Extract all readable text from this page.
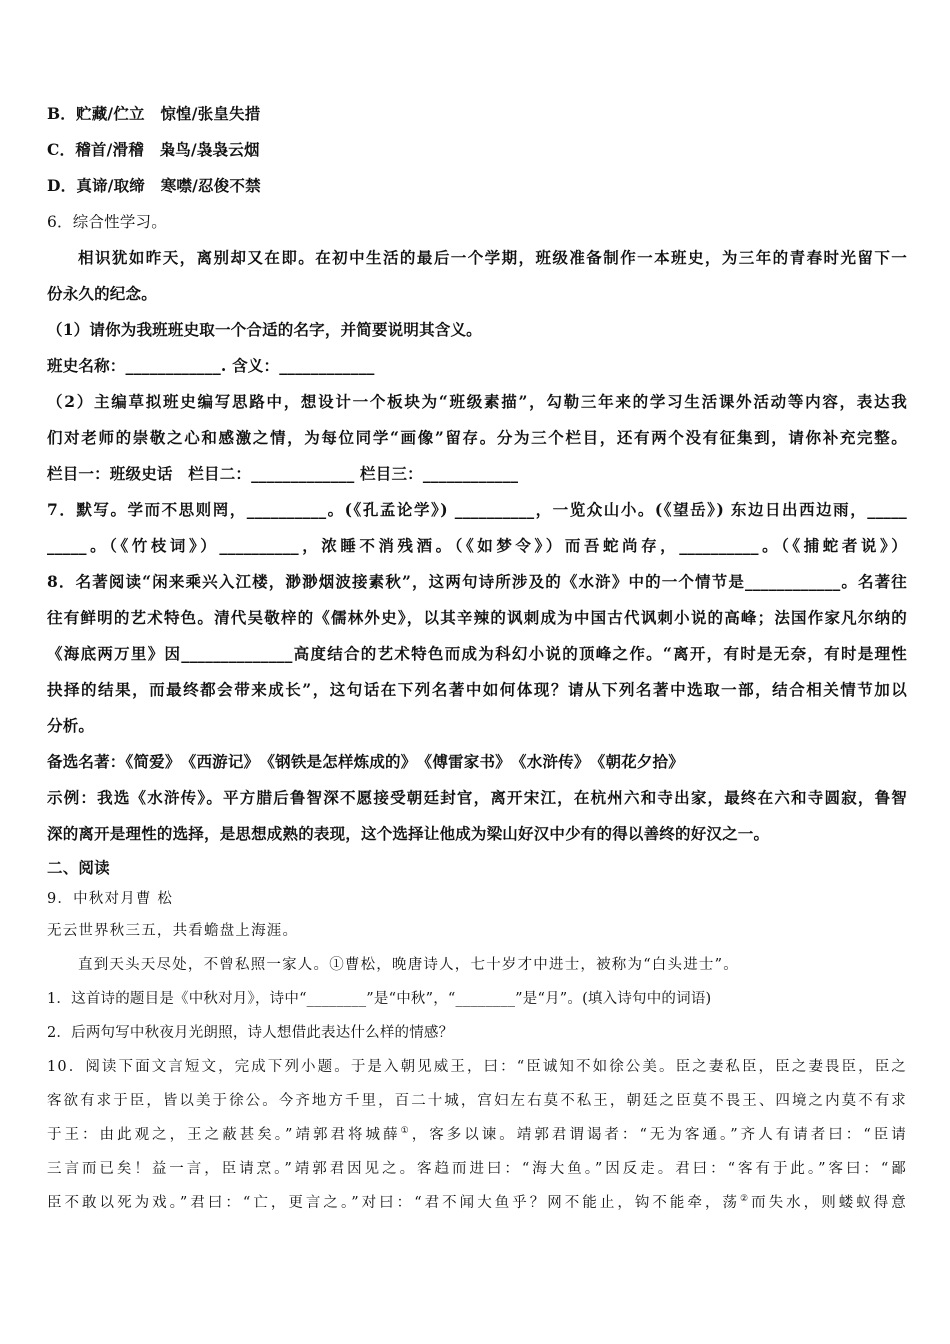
B．贮藏/伫立　惊惶/张皇失措
C．稽首/滑稽　枭鸟/袅袅云烟
D．真谛/取缔　寒噤/忍俊不禁
6．综合性学习。
相识犹如昨天，离别却又在即。在初中生活的最后一个学期，班级准备制作一本班史，为三年的青春时光留下一
份永久的纪念。
（1）请你为我班班史取一个合适的名字，并简要说明其含义。
班史名称：____________. 含义：____________
（2）主编草拟班史编写思路中，想设计一个板块为“班级素描”，勾勒三年来的学习生活课外活动等内容，表达我
们对老师的崇敬之心和感激之情，为每位同学“画像”留存。分为三个栏目，还有两个没有征集到，请你补充完整。
栏目一：班级史话　栏目二：_____________ 栏目三：____________
7．默写。学而不思则罔，__________。(《孔孟论学》) __________，一览众山小。(《望岳》) 东边日出西边雨，_____
_____。（《竹枝词》）__________，浓睡不消残酒。（《如梦令》）而吾蛇尚存，__________。（《捕蛇者说》）
8．名著阅读“闲来乘兴入江楼，渺渺烟波接素秋”，这两句诗所涉及的《水浒》中的一个情节是____________。名著往
往有鲜明的艺术特色。清代吴敬梓的《儒林外史》，以其辛辣的讽刺成为中国古代讽刺小说的高峰；法国作家凡尔纳的
《海底两万里》因______________高度结合的艺术特色而成为科幻小说的顶峰之作。“离开，有时是无奈，有时是理性
抉择的结果，而最终都会带来成长”，这句话在下列名著中如何体现？请从下列名著中选取一部，结合相关情节加以
分析。
备选名著：《简爱》　《西游记》　《钢铁是怎样炼成的》　《傅雷家书》　《水浒传》　《朝花夕拾》
示例：我选《水浒传》。平方腊后鲁智深不愿接受朝廷封官，离开宋江，在杭州六和寺出家，最终在六和寺圆寂，鲁智
深的离开是理性的选择，是思想成熟的表现，这个选择让他成为梁山好汉中少有的得以善终的好汉之一。
二、阅读
9．中秋对月曹 松
无云世界秋三五，共看蟾盘上海涯。
直到天头天尽处，不曾私照一家人。①曹松，晚唐诗人，七十岁才中进士，被称为“白头进士”。
1．这首诗的题目是《中秋对月》，诗中“________”是“中秋”，“________”是“月”。(填入诗句中的词语)
2．后两句写中秋夜月光朗照，诗人想借此表达什么样的情感？
10．阅读下面文言短文，完成下列小题。于是入朝见威王，曰：“臣诚知不如徐公美。臣之妻私臣，臣之妻畏臣，臣之
客欲有求于臣，皆以美于徐公。今齐地方千里，百二十城，宫妇左右莫不私王，朝廷之臣莫不畏王、四境之内莫不有求
于王：由此观之，王之蔽甚矣。”靖郭君将城薛①，客多以谏。靖郭君谓谒者：“无为客通。”齐人有请者曰：“臣请
三言而已矣！益一言，臣请烹。”靖郭君因见之。客趋而进曰：“海大鱼。”因反走。君曰：“客有于此。”客曰：“鄙
臣不敢以死为戏。”君曰：“亡，更言之。”对曰：“君不闻大鱼乎？网不能止，钩不能牵，荡②而失水，则蝼蚁得意
